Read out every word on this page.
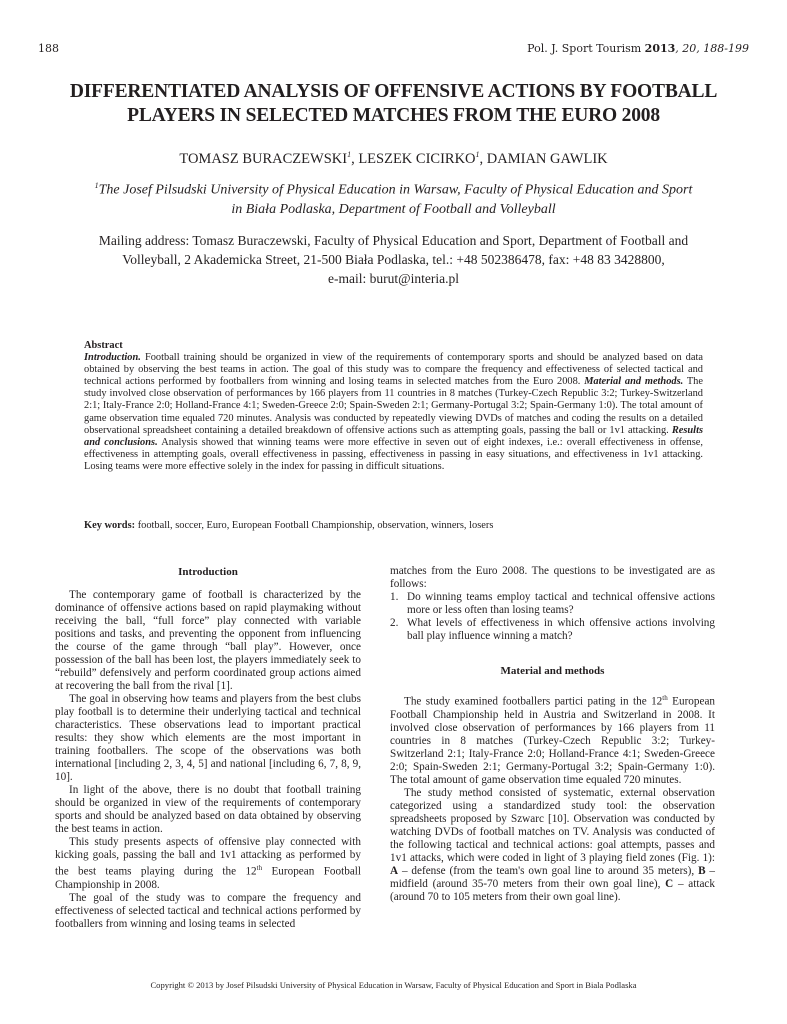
188	Pol. J. Sport Tourism 2013, 20, 188-199
DIFFERENTIATED ANALYSIS OF OFFENSIVE ACTIONS BY FOOTBALL
PLAYERS IN SELECTED MATCHES FROM THE EURO 2008
TOMASZ BURACZEWSKI$^1$, LESZEK CICIRKO$^1$, DAMIAN GAWLIK
$^1$The Josef Pilsudski University of Physical Education in Warsaw, Faculty of Physical Education and Sport
in Biała Podlaska, Department of Football and Volleyball
Mailing address: Tomasz Buraczewski, Faculty of Physical Education and Sport, Department of Football and
Volleyball, 2 Akademicka Street, 21-500 Biała Podlaska, tel.: +48 502386478, fax: +48 83 3428800,
e-mail: burut@interia.pl
Abstract

Introduction. Football training should be organized in view of the requirements of contemporary sports and should be analyzed based on data obtained by observing the best teams in action. The goal of this study was to compare the frequency and effectiveness of selected tactical and technical actions performed by footballers from winning and losing teams in selected matches from the Euro 2008. Material and methods. The study involved close observation of performances by 166 players from 11 countries in 8 matches (Turkey-Czech Republic 3:2; Turkey-Switzerland 2:1; Italy-France 2:0; Holland-France 4:1; Sweden-Greece 2:0; Spain-Sweden 2:1; Germany-Portugal 3:2; Spain-Germany 1:0). The total amount of game observation time equaled 720 minutes. Analysis was conducted by repeatedly viewing DVDs of matches and coding the results on a detailed observational spreadsheet containing a detailed breakdown of offensive actions such as attempting goals, passing the ball or 1v1 attacking. Results and conclusions. Analysis showed that winning teams were more effective in seven out of eight indexes, i.e.: overall effectiveness in offense, effectiveness in attempting goals, overall effectiveness in passing, effectiveness in passing in easy situations, and effectiveness in 1v1 attacking. Losing teams were more effective solely in the index for passing in difficult situations.

Key words: football, soccer, Euro, European Football Championship, observation, winners, losers
Introduction

The contemporary game of football is characterized by the dominance of offensive actions based on rapid playmaking without receiving the ball, “full force” play connected with variable positions and tasks, and preventing the opponent from influencing the course of the game through “ball play”. However, once possession of the ball has been lost, the players immediately seek to “rebuild” defensively and perform coordinated group actions aimed at recovering the ball from the rival [1].

The goal in observing how teams and players from the best clubs play football is to determine their underlying tactical and technical characteristics. These observations lead to important practical results: they show which elements are the most important in training footballers. The scope of the observations was both international [including 2, 3, 4, 5] and national [including 6, 7, 8, 9, 10].

In light of the above, there is no doubt that football training should be organized in view of the requirements of contemporary sports and should be analyzed based on data obtained by observing the best teams in action.

This study presents aspects of offensive play connected with kicking goals, passing the ball and 1v1 attacking as performed by the best teams playing during the 12th European Football Championship in 2008.

The goal of the study was to compare the frequency and effectiveness of selected tactical and technical actions performed by footballers from winning and losing teams in selected

matches from the Euro 2008. The questions to be investigated are as follows:

1. Do winning teams employ tactical and technical offensive actions more or less often than losing teams?
2. What levels of effectiveness in which offensive actions involving ball play influence winning a match?
Material and methods

The study examined footballers partici pating in the 12th European Football Championship held in Austria and Switzerland in 2008. It involved close observation of performances by 166 players from 11 countries in 8 matches (Turkey-Czech Republic 3:2; Turkey-Switzerland 2:1; Italy-France 2:0; Holland-France 4:1; Sweden-Greece 2:0; Spain-Sweden 2:1; Germany-Portugal 3:2; Spain-Germany 1:0). The total amount of game observation time equaled 720 minutes.

The study method consisted of systematic, external observation categorized using a standardized study tool: the observation spreadsheets proposed by Szwarc [10]. Observation was conducted by watching DVDs of football matches on TV. Analysis was conducted of the following tactical and technical actions: goal attempts, passes and 1v1 attacks, which were coded in light of 3 playing field zones (Fig. 1): A – defense (from the team's own goal line to around 35 meters), B – midfield (around 35-70 meters from their own goal line), C – attack (around 70 to 105 meters from their own goal line).

Copyright © 2013 by Josef Pilsudski University of Physical Education in Warsaw, Faculty of Physical Education and Sport in Biala Podlaska
